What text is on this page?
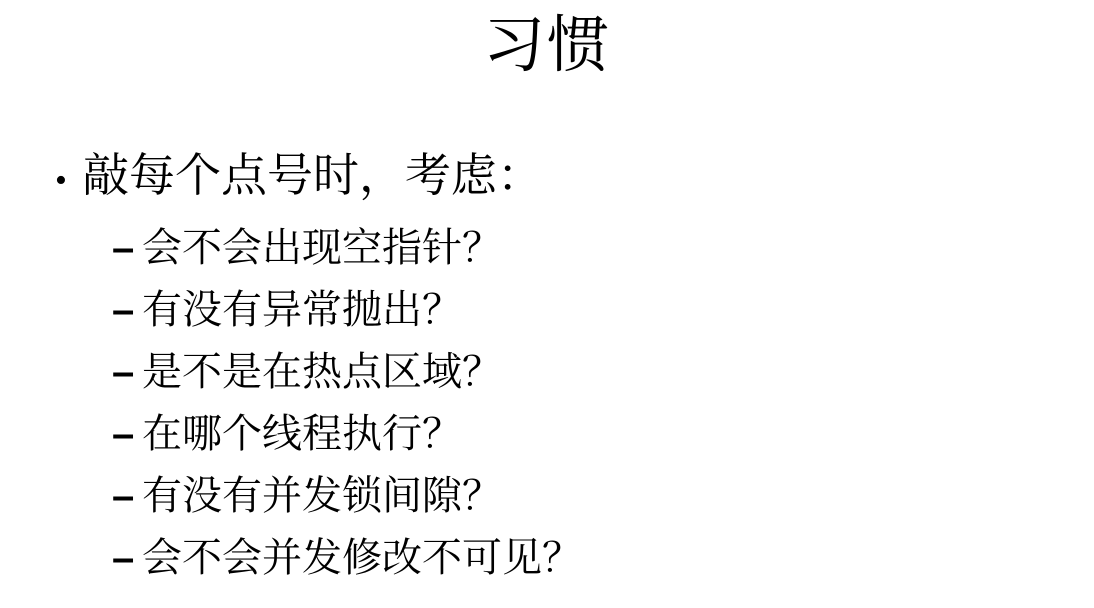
习惯
• 敲每个点号时，考虑：
– 会不会出现空指针？
– 有没有异常抛出？
– 是不是在热点区域？
– 在哪个线程执行？
– 有没有并发锁间隙？
– 会不会并发修改不可见？
